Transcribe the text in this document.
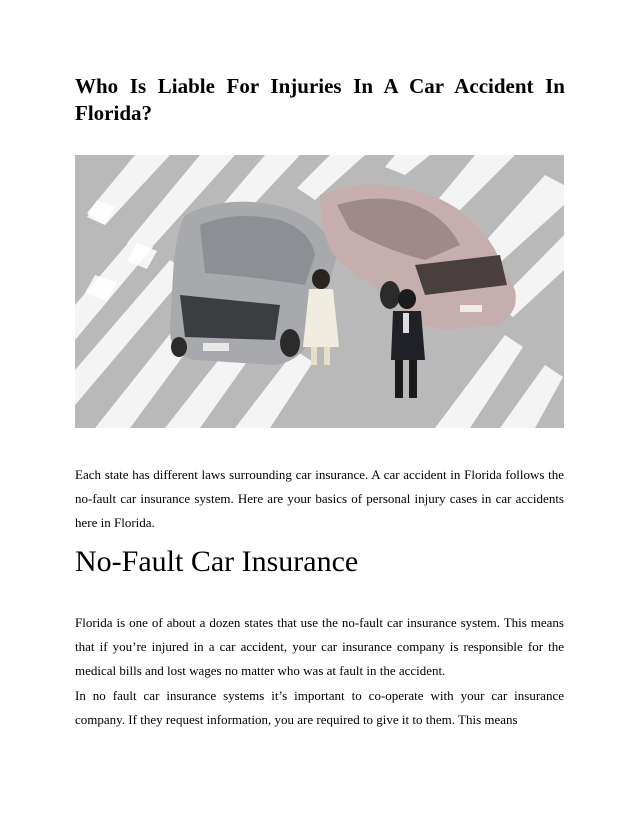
Who Is Liable For Injuries In A Car Accident In Florida?

Each state has different laws surrounding car insurance. A car accident in Florida follows the no-fault car insurance system. Here are your basics of personal injury cases in car accidents here in Florida.

No-Fault Car Insurance

Florida is one of about a dozen states that use the no-fault car insurance system. This means that if you’re injured in a car accident, your car insurance company is responsible for the medical bills and lost wages no matter who was at fault in the accident.

In no fault car insurance systems it’s important to co-operate with your car insurance company. If they request information, you are required to give it to them. This means
